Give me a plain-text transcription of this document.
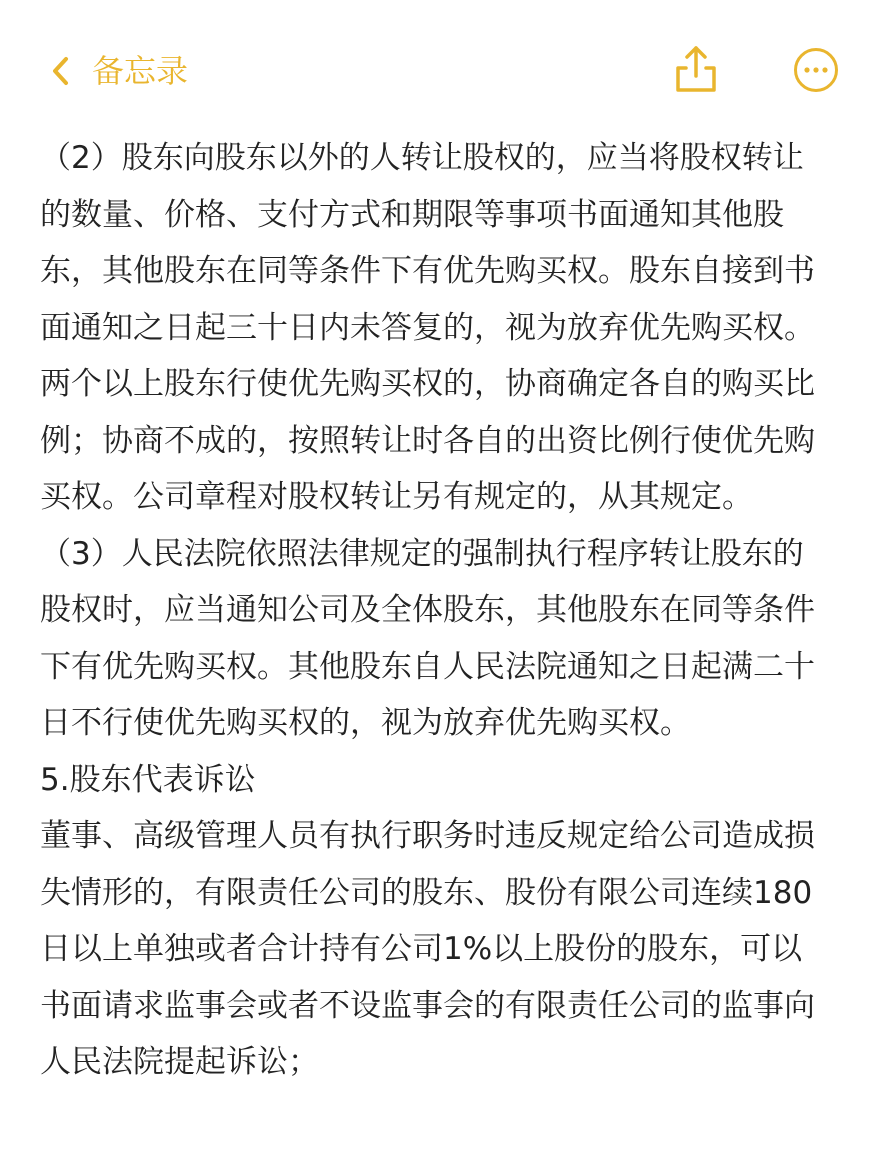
备忘录

（2）股东向股东以外的人转让股权的，应当将股权转让

的数量、价格、支付方式和期限等事项书面通知其他股

东，其他股东在同等条件下有优先购买权。股东自接到书

面通知之日起三十日内未答复的，视为放弃优先购买权。

两个以上股东行使优先购买权的，协商确定各自的购买比

例；协商不成的，按照转让时各自的出资比例行使优先购

买权。公司章程对股权转让另有规定的，从其规定。

（3）人民法院依照法律规定的强制执行程序转让股东的

股权时，应当通知公司及全体股东，其他股东在同等条件

下有优先购买权。其他股东自人民法院通知之日起满二十

日不行使优先购买权的，视为放弃优先购买权。

5.股东代表诉讼

董事、高级管理人员有执行职务时违反规定给公司造成损

失情形的，有限责任公司的股东、股份有限公司连续180

日以上单独或者合计持有公司1%以上股份的股东，可以

书面请求监事会或者不设监事会的有限责任公司的监事向

人民法院提起诉讼；
